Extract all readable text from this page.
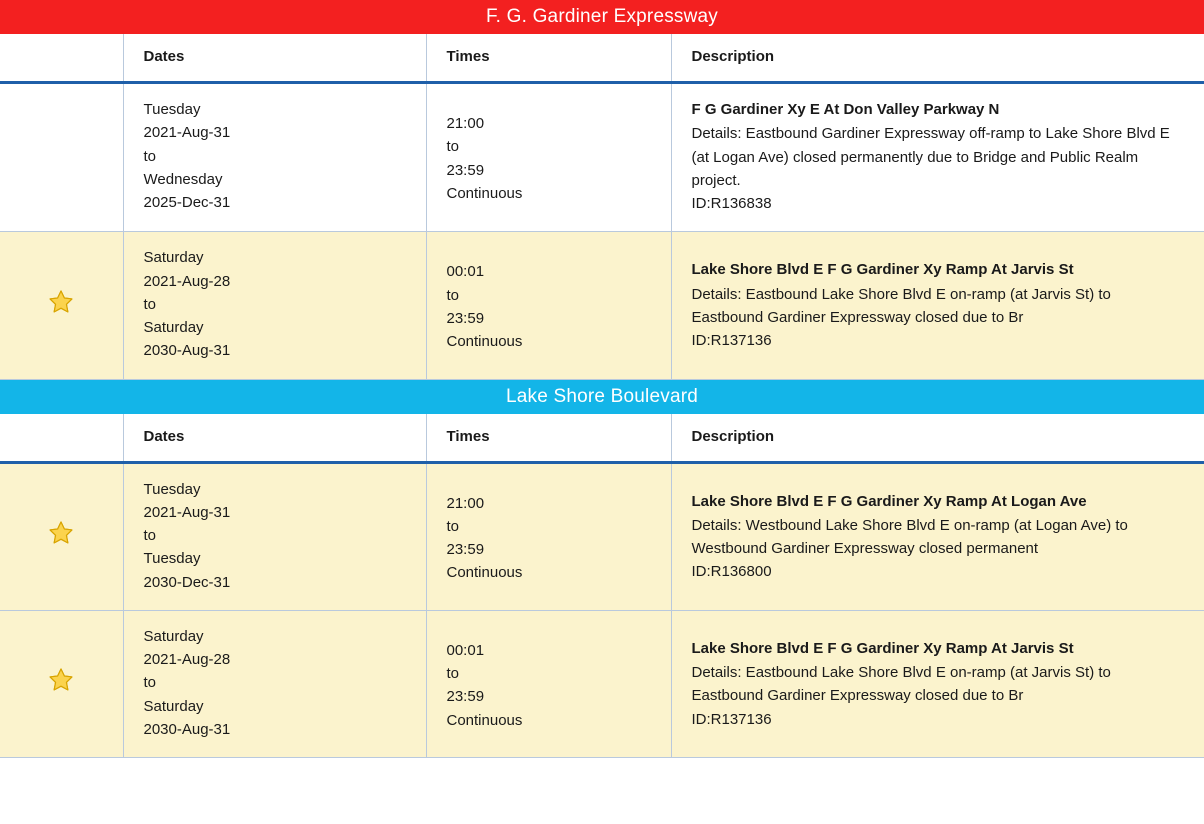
F. G. Gardiner Expressway
	Dates	Times	Description

	Tuesday
2021-Aug-31
to
Wednesday
2025-Dec-31	21:00
to
23:59
Continuous	F G Gardiner Xy E At Don Valley Parkway N
Details: Eastbound Gardiner Expressway off-ramp to Lake Shore Blvd E (at Logan Ave) closed permanently due to Bridge and Public Realm project.
ID:R136838

Saturday
2021-Aug-28
to
Saturday
2030-Aug-31	00:01
to
23:59
Continuous	Lake Shore Blvd E F G Gardiner Xy Ramp At Jarvis St
Details: Eastbound Lake Shore Blvd E on-ramp (at Jarvis St) to Eastbound Gardiner Expressway closed due to Br
ID:R137136
Lake Shore Boulevard
	Dates	Times	Description

Tuesday
2021-Aug-31
to
Tuesday
2030-Dec-31	21:00
to
23:59
Continuous	Lake Shore Blvd E F G Gardiner Xy Ramp At Logan Ave
Details: Westbound Lake Shore Blvd E on-ramp (at Logan Ave) to Westbound Gardiner Expressway closed permanent
ID:R136800

Saturday
2021-Aug-28
to
Saturday
2030-Aug-31	00:01
to
23:59
Continuous	Lake Shore Blvd E F G Gardiner Xy Ramp At Jarvis St
Details: Eastbound Lake Shore Blvd E on-ramp (at Jarvis St) to Eastbound Gardiner Expressway closed due to Br
ID:R137136
